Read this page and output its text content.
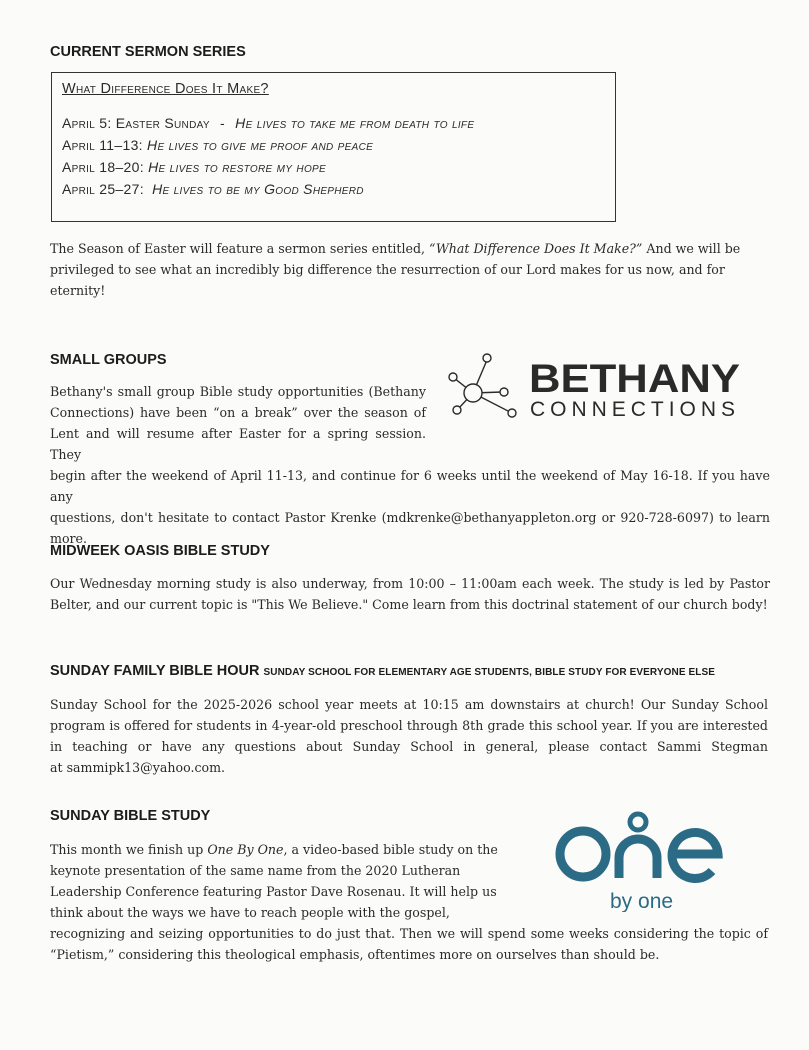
CURRENT SERMON SERIES
What Difference Does It Make?
April 5: Easter Sunday - He lives to take me from death to life
April 11–13: He lives to give me proof and peace
April 18–20: He lives to restore my hope
April 25–27: He lives to be my Good Shepherd

The Season of Easter will feature a sermon series entitled, “What Difference Does It Make?” And we will be privileged to see what an incredibly big difference the resurrection of our Lord makes for us now, and for eternity!

SMALL GROUPS

Bethany's small group Bible study opportunities (Bethany
Connections) have been “on a break” over the season of
Lent and will resume after Easter for a spring session. They
begin after the weekend of April 11-13, and continue for 6 weeks until the weekend of May 16-18. If you have any
questions, don't hesitate to contact Pastor Krenke (mdkrenke@bethanyappleton.org or 920-728-6097) to learn
more.

BETHANY
CONNECTIONS
MIDWEEK OASIS BIBLE STUDY

Our Wednesday morning study is also underway, from 10:00 – 11:00am each week. The study is led by Pastor
Belter, and our current topic is "This We Believe." Come learn from this doctrinal statement of our church body!

SUNDAY FAMILY BIBLE HOUR SUNDAY SCHOOL FOR ELEMENTARY AGE STUDENTS, BIBLE STUDY FOR EVERYONE ELSE

Sunday School for the 2025-2026 school year meets at 10:15 am downstairs at church! Our Sunday School
program is offered for students in 4-year-old preschool through 8th grade this school year. If you are interested
in teaching or have any questions about Sunday School in general, please contact Sammi Stegman
at sammipk13@yahoo.com.

SUNDAY BIBLE STUDY

This month we finish up One By One, a video-based bible study on the
keynote presentation of the same name from the 2020 Lutheran
Leadership Conference featuring Pastor Dave Rosenau. It will help us
think about the ways we have to reach people with the gospel,
recognizing and seizing opportunities to do just that. Then we will spend some weeks considering the topic of
“Pietism,” considering this theological emphasis, oftentimes more on ourselves than should be.

by one
